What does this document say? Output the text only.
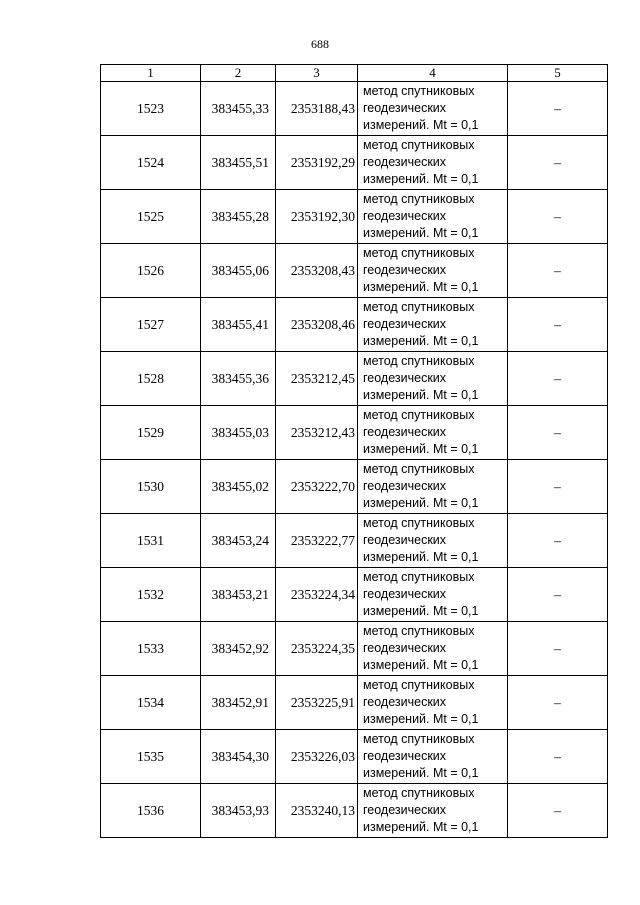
688
1	2	3	4	5
1523	383455,33	2353188,43	метод спутниковых
геодезических
измерений. Mt = 0,1	–
1524	383455,51	2353192,29	метод спутниковых
геодезических
измерений. Mt = 0,1	–
1525	383455,28	2353192,30	метод спутниковых
геодезических
измерений. Mt = 0,1	–
1526	383455,06	2353208,43	метод спутниковых
геодезических
измерений. Mt = 0,1	–
1527	383455,41	2353208,46	метод спутниковых
геодезических
измерений. Mt = 0,1	–
1528	383455,36	2353212,45	метод спутниковых
геодезических
измерений. Mt = 0,1	–
1529	383455,03	2353212,43	метод спутниковых
геодезических
измерений. Mt = 0,1	–
1530	383455,02	2353222,70	метод спутниковых
геодезических
измерений. Mt = 0,1	–
1531	383453,24	2353222,77	метод спутниковых
геодезических
измерений. Mt = 0,1	–
1532	383453,21	2353224,34	метод спутниковых
геодезических
измерений. Mt = 0,1	–
1533	383452,92	2353224,35	метод спутниковых
геодезических
измерений. Mt = 0,1	–
1534	383452,91	2353225,91	метод спутниковых
геодезических
измерений. Mt = 0,1	–
1535	383454,30	2353226,03	метод спутниковых
геодезических
измерений. Mt = 0,1	–
1536	383453,93	2353240,13	метод спутниковых
геодезических
измерений. Mt = 0,1	–
